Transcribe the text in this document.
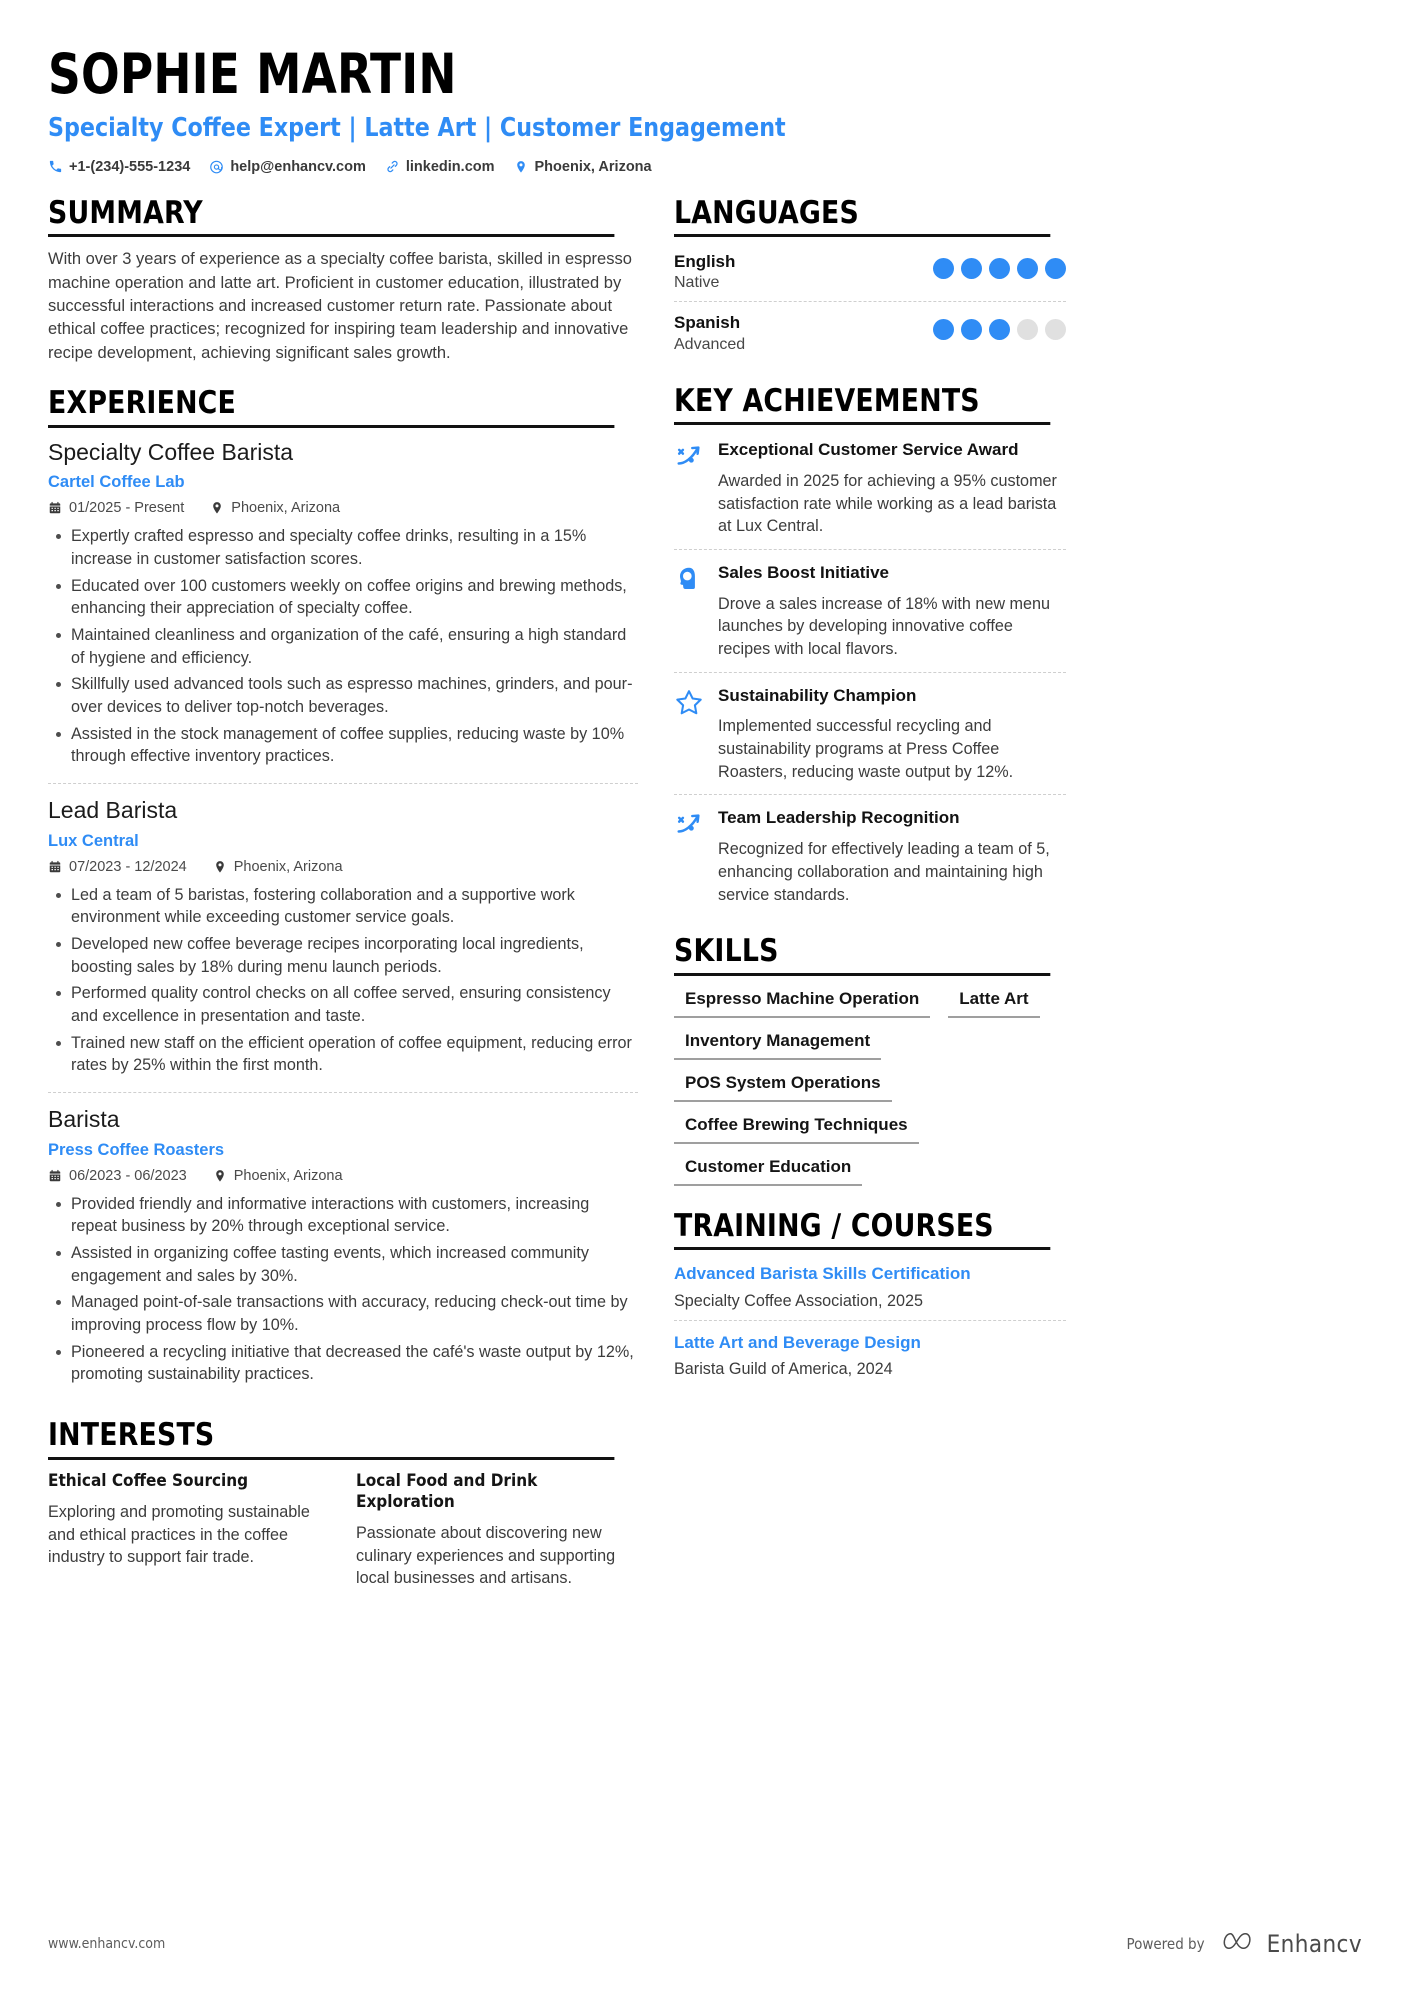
SOPHIE MARTIN
Specialty Coffee Expert | Latte Art | Customer Engagement
+1-(234)-555-1234	help@enhancv.com	linkedin.com	Phoenix, Arizona
SUMMARY
With over 3 years of experience as a specialty coffee barista, skilled in espresso machine operation and latte art. Proficient in customer education, illustrated by successful interactions and increased customer return rate. Passionate about ethical coffee practices; recognized for inspiring team leadership and innovative recipe development, achieving significant sales growth.
EXPERIENCE
Specialty Coffee Barista
Cartel Coffee Lab
01/2025 - Present	Phoenix, Arizona
Expertly crafted espresso and specialty coffee drinks, resulting in a 15% increase in customer satisfaction scores.
Educated over 100 customers weekly on coffee origins and brewing methods, enhancing their appreciation of specialty coffee.
Maintained cleanliness and organization of the café, ensuring a high standard of hygiene and efficiency.
Skillfully used advanced tools such as espresso machines, grinders, and pour-over devices to deliver top-notch beverages.
Assisted in the stock management of coffee supplies, reducing waste by 10% through effective inventory practices.
Lead Barista
Lux Central
07/2023 - 12/2024	Phoenix, Arizona
Led a team of 5 baristas, fostering collaboration and a supportive work environment while exceeding customer service goals.
Developed new coffee beverage recipes incorporating local ingredients, boosting sales by 18% during menu launch periods.
Performed quality control checks on all coffee served, ensuring consistency and excellence in presentation and taste.
Trained new staff on the efficient operation of coffee equipment, reducing error rates by 25% within the first month.
Barista
Press Coffee Roasters
06/2023 - 06/2023	Phoenix, Arizona
Provided friendly and informative interactions with customers, increasing repeat business by 20% through exceptional service.
Assisted in organizing coffee tasting events, which increased community engagement and sales by 30%.
Managed point-of-sale transactions with accuracy, reducing check-out time by improving process flow by 10%.
Pioneered a recycling initiative that decreased the café's waste output by 12%, promoting sustainability practices.
INTERESTS
Ethical Coffee Sourcing
Exploring and promoting sustainable and ethical practices in the coffee industry to support fair trade.
Local Food and Drink Exploration
Passionate about discovering new culinary experiences and supporting local businesses and artisans.
LANGUAGES
English
Native
Spanish
Advanced
KEY ACHIEVEMENTS
Exceptional Customer Service Award
Awarded in 2025 for achieving a 95% customer satisfaction rate while working as a lead barista at Lux Central.
Sales Boost Initiative
Drove a sales increase of 18% with new menu launches by developing innovative coffee recipes with local flavors.
Sustainability Champion
Implemented successful recycling and sustainability programs at Press Coffee Roasters, reducing waste output by 12%.
Team Leadership Recognition
Recognized for effectively leading a team of 5, enhancing collaboration and maintaining high service standards.
SKILLS
Espresso Machine Operation	Latte Art
Inventory Management
POS System Operations
Coffee Brewing Techniques
Customer Education
TRAINING / COURSES
Advanced Barista Skills Certification
Specialty Coffee Association, 2025
Latte Art and Beverage Design
Barista Guild of America, 2024
www.enhancv.com	Powered by	Enhancv
